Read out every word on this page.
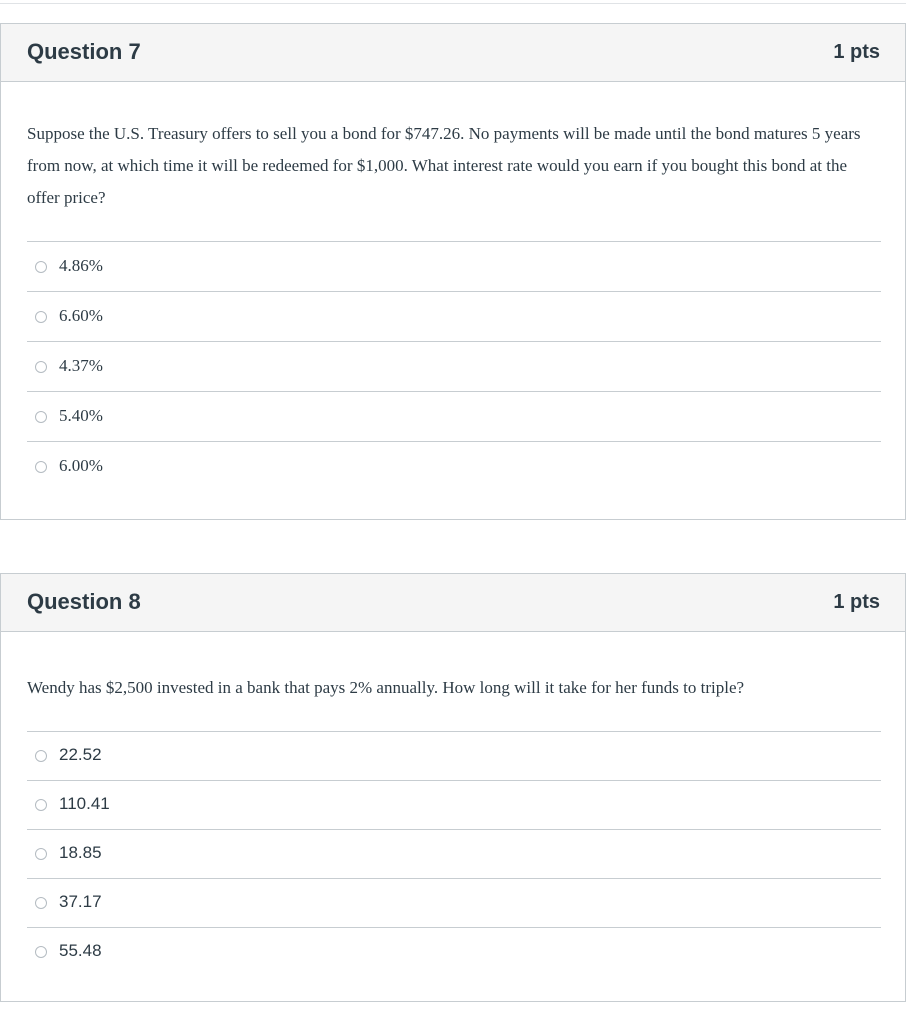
Question 7	1 pts
Suppose the U.S. Treasury offers to sell you a bond for $747.26. No payments will be made until the bond matures 5 years from now, at which time it will be redeemed for $1,000. What interest rate would you earn if you bought this bond at the offer price?
4.86%
6.60%
4.37%
5.40%
6.00%
Question 8	1 pts
Wendy has $2,500 invested in a bank that pays 2% annually. How long will it take for her funds to triple?
22.52
110.41
18.85
37.17
55.48
